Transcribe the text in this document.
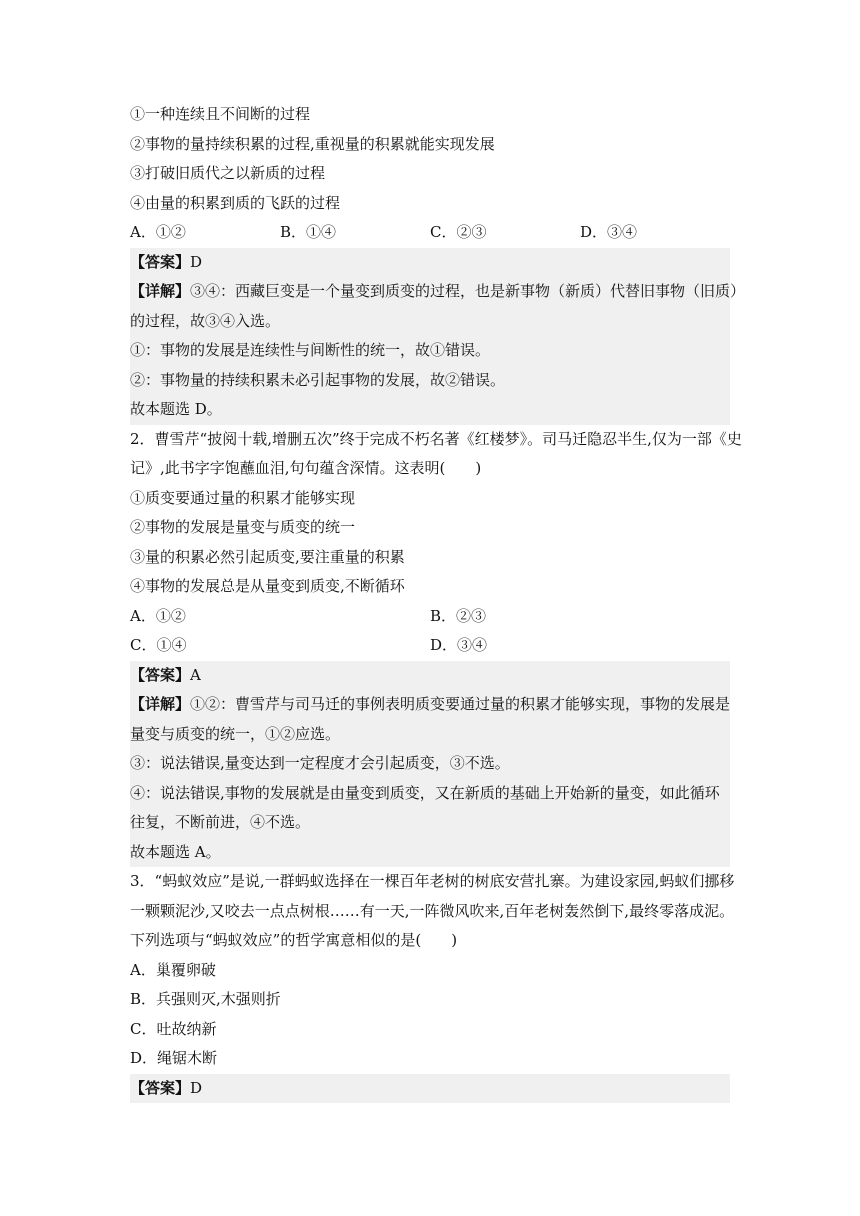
①一种连续且不间断的过程
②事物的量持续积累的过程,重视量的积累就能实现发展
③打破旧质代之以新质的过程
④由量的积累到质的飞跃的过程
A．①②	B．①④	C．②③	D．③④
【答案】D
【详解】③④：西藏巨变是一个量变到质变的过程，也是新事物（新质）代替旧事物（旧质）
的过程，故③④入选。
①：事物的发展是连续性与间断性的统一，故①错误。
②：事物量的持续积累未必引起事物的发展，故②错误。
故本题选 D。
2．曹雪芹“披阅十载,增删五次”终于完成不朽名著《红楼梦》。司马迁隐忍半生,仅为一部《史
记》,此书字字饱蘸血泪,句句蕴含深情。这表明(　　)
①质变要通过量的积累才能够实现
②事物的发展是量变与质变的统一
③量的积累必然引起质变,要注重量的积累
④事物的发展总是从量变到质变,不断循环
A．①②	B．②③
C．①④	D．③④
【答案】A
【详解】①②：曹雪芹与司马迁的事例表明质变要通过量的积累才能够实现，事物的发展是
量变与质变的统一，①②应选。
③：说法错误,量变达到一定程度才会引起质变，③不选。
④：说法错误,事物的发展就是由量变到质变，又在新质的基础上开始新的量变，如此循环
往复，不断前进，④不选。
故本题选 A。
3．“蚂蚁效应”是说,一群蚂蚁选择在一棵百年老树的树底安营扎寨。为建设家园,蚂蚁们挪移
一颗颗泥沙,又咬去一点点树根……有一天,一阵微风吹来,百年老树轰然倒下,最终零落成泥。
下列选项与“蚂蚁效应”的哲学寓意相似的是(　　)
A．巢覆卵破
B．兵强则灭,木强则折
C．吐故纳新
D．绳锯木断
【答案】D
